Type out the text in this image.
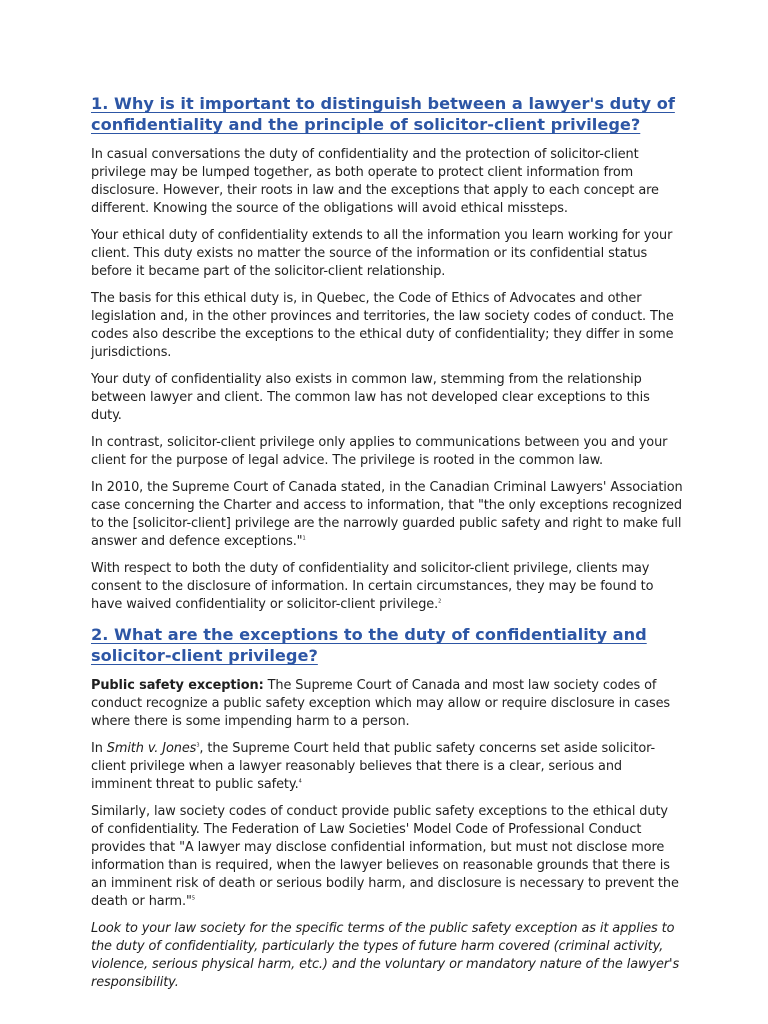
1. Why is it important to distinguish between a lawyer's duty of confidentiality and the principle of solicitor-client privilege?

In casual conversations the duty of confidentiality and the protection of solicitor-client privilege may be lumped together, as both operate to protect client information from disclosure. However, their roots in law and the exceptions that apply to each concept are different. Knowing the source of the obligations will avoid ethical missteps.

Your ethical duty of confidentiality extends to all the information you learn working for your client. This duty exists no matter the source of the information or its confidential status before it became part of the solicitor-client relationship.

The basis for this ethical duty is, in Quebec, the Code of Ethics of Advocates and other legislation and, in the other provinces and territories, the law society codes of conduct. The codes also describe the exceptions to the ethical duty of confidentiality; they differ in some jurisdictions.

Your duty of confidentiality also exists in common law, stemming from the relationship between lawyer and client. The common law has not developed clear exceptions to this duty.

In contrast, solicitor-client privilege only applies to communications between you and your client for the purpose of legal advice. The privilege is rooted in the common law.

In 2010, the Supreme Court of Canada stated, in the Canadian Criminal Lawyers' Association case concerning the Charter and access to information, that "the only exceptions recognized to the [solicitor-client] privilege are the narrowly guarded public safety and right to make full answer and defence exceptions."$^1$

With respect to both the duty of confidentiality and solicitor-client privilege, clients may consent to the disclosure of information. In certain circumstances, they may be found to have waived confidentiality or solicitor-client privilege.$^2$

2. What are the exceptions to the duty of confidentiality and solicitor-client privilege?

Public safety exception: The Supreme Court of Canada and most law society codes of conduct recognize a public safety exception which may allow or require disclosure in cases where there is some impending harm to a person.

In Smith v. Jones$^3$, the Supreme Court held that public safety concerns set aside solicitor-client privilege when a lawyer reasonably believes that there is a clear, serious and imminent threat to public safety.$^4$

Similarly, law society codes of conduct provide public safety exceptions to the ethical duty of confidentiality. The Federation of Law Societies' Model Code of Professional Conduct provides that "A lawyer may disclose confidential information, but must not disclose more information than is required, when the lawyer believes on reasonable grounds that there is an imminent risk of death or serious bodily harm, and disclosure is necessary to prevent the death or harm."$^5$

Look to your law society for the specific terms of the public safety exception as it applies to the duty of confidentiality, particularly the types of future harm covered (criminal activity, violence, serious physical harm, etc.) and the voluntary or mandatory nature of the lawyer's responsibility.
